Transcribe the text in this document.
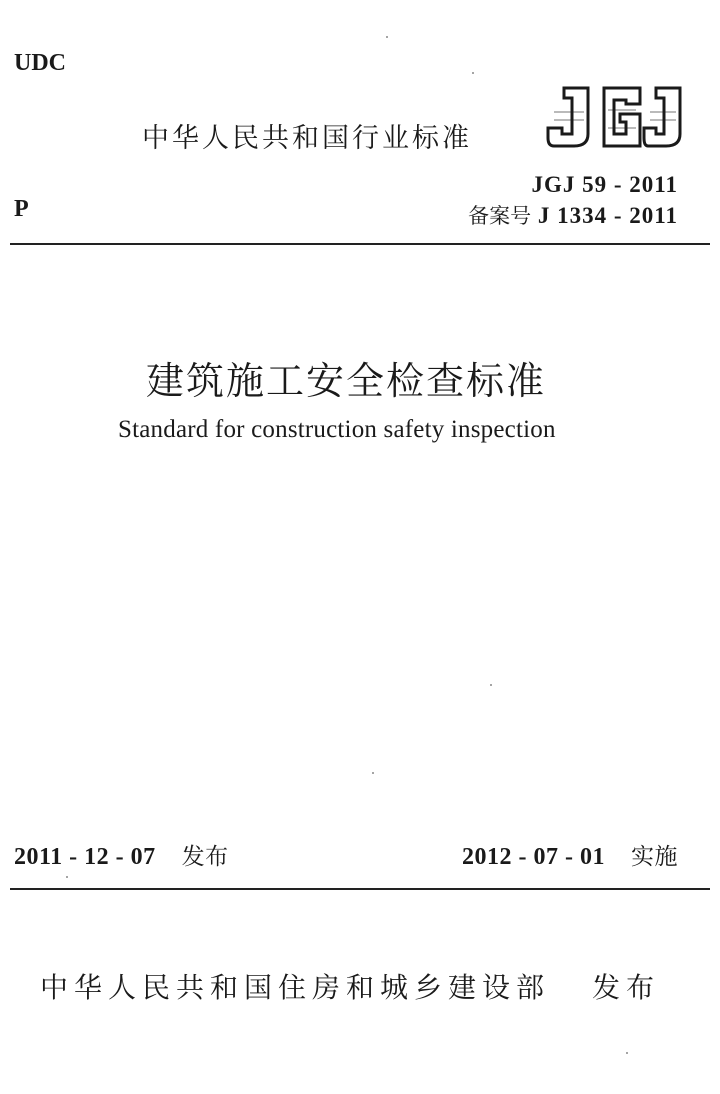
UDC
中华人民共和国行业标准
JGJ 59 - 2011
P	备案号 J 1334 - 2011
建筑施工安全检查标准
Standard for construction safety inspection
2011 - 12 - 07 发布	2012 - 07 - 01 实施
中华人民共和国住房和城乡建设部 发布
